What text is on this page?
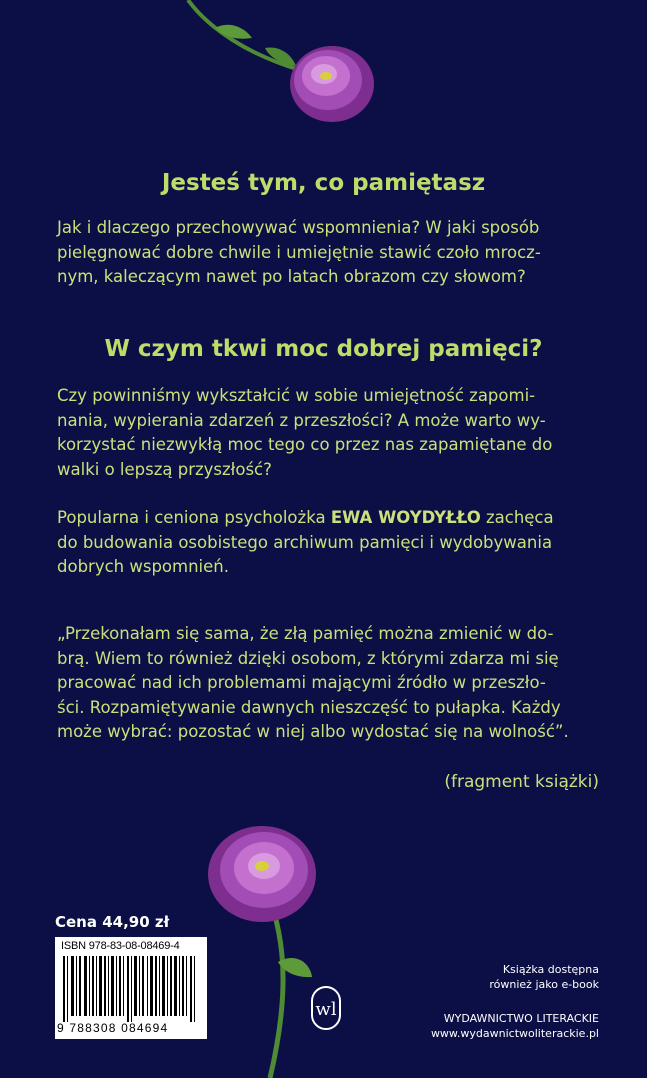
Jesteś tym, co pamiętasz

Jak i dlaczego przechowywać wspomnienia? W jaki sposób
pielęgnować dobre chwile i umiejętnie stawić czoło mrocz-
nym, kaleczącym nawet po latach obrazom czy słowom?

W czym tkwi moc dobrej pamięci?

Czy powinniśmy wykształcić w sobie umiejętność zapomi-
nania, wypierania zdarzeń z przeszłości? A może warto wy-
korzystać niezwykłą moc tego co przez nas zapamiętane do
walki o lepszą przyszłość?

Popularna i ceniona psycholożka EWA WOYDYŁŁO zachęca
do budowania osobistego archiwum pamięci i wydobywania
dobrych wspomnień.

„Przekonałam się sama, że złą pamięć można zmienić w do-
brą. Wiem to również dzięki osobom, z którymi zdarza mi się
pracować nad ich problemami mającymi źródło w przeszło-
ści. Rozpamiętywanie dawnych nieszczęść to pułapka. Każdy
może wybrać: pozostać w niej albo wydostać się na wolność”.

(fragment książki)

Cena 44,90 zł
ISBN 978-83-08-08469-4
9 788308 084694
wl
Książka dostępna
również jako e-book
WYDAWNICTWO LITERACKIE
www.wydawnictwoliterackie.pl
